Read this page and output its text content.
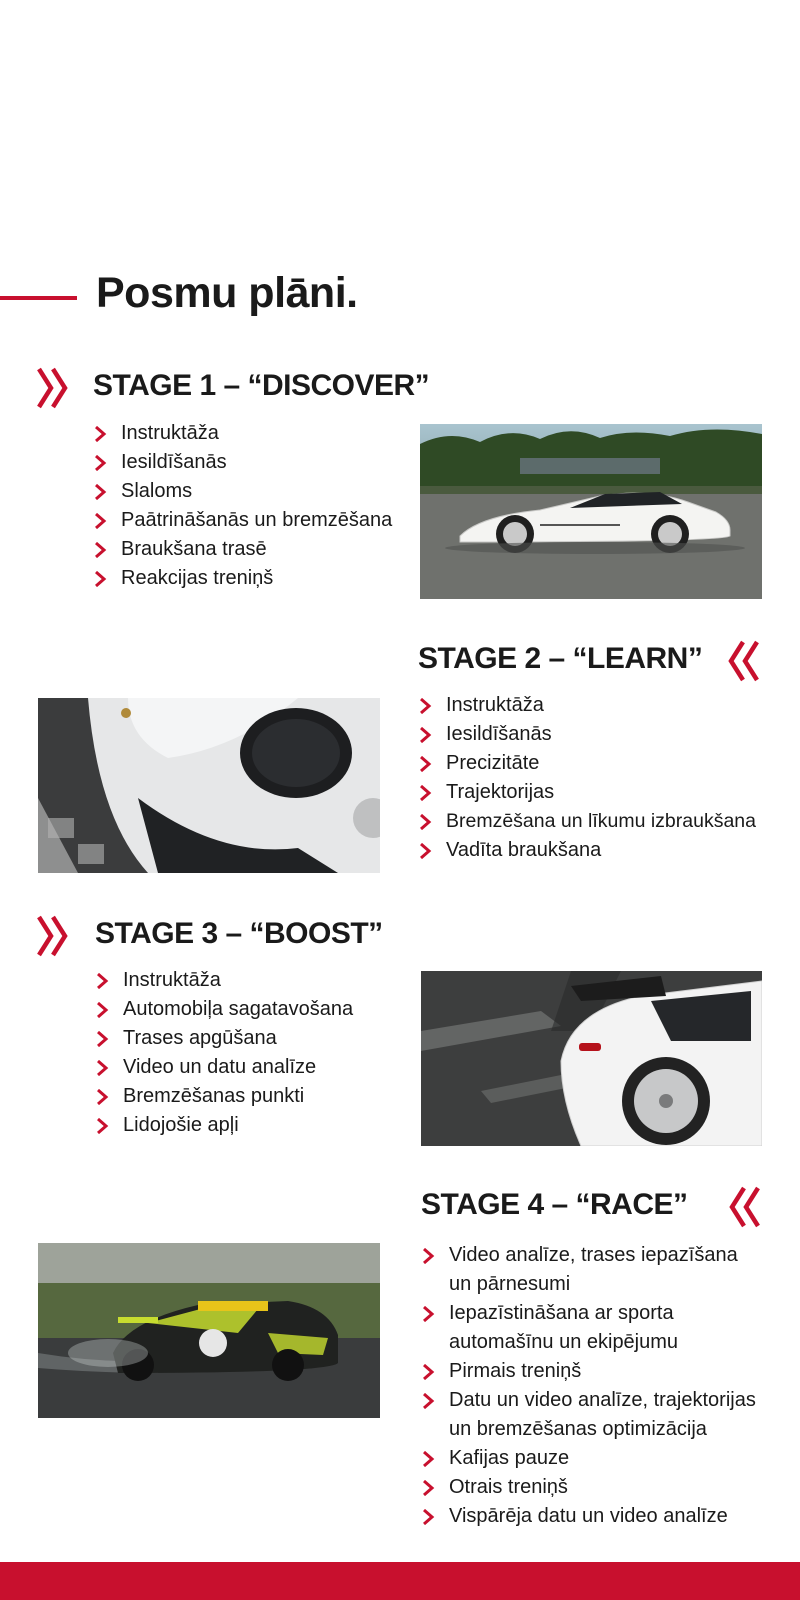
Posmu plāni.
STAGE 1 – “DISCOVER”
Instruktāža
Iesildīšanās
Slaloms
Paātrināšanās un bremzēšana
Braukšana trasē
Reakcijas treniņš
STAGE 2 – “LEARN”
Instruktāža
Iesildīšanās
Precizitāte
Trajektorijas
Bremzēšana un līkumu izbraukšana
Vadīta braukšana
STAGE 3 – “BOOST”
Instruktāža
Automobiļa sagatavošana
Trases apgūšana
Video un datu analīze
Bremzēšanas punkti
Lidojošie apļi
STAGE 4 – “RACE”
Video analīze, trases iepazīšana
un pārnesumi
Iepazīstināšana ar sporta
automašīnu un ekipējumu
Pirmais treniņš
Datu un video analīze, trajektorijas
un bremzēšanas optimizācija
Kafijas pauze
Otrais treniņš
Vispārēja datu un video analīze
